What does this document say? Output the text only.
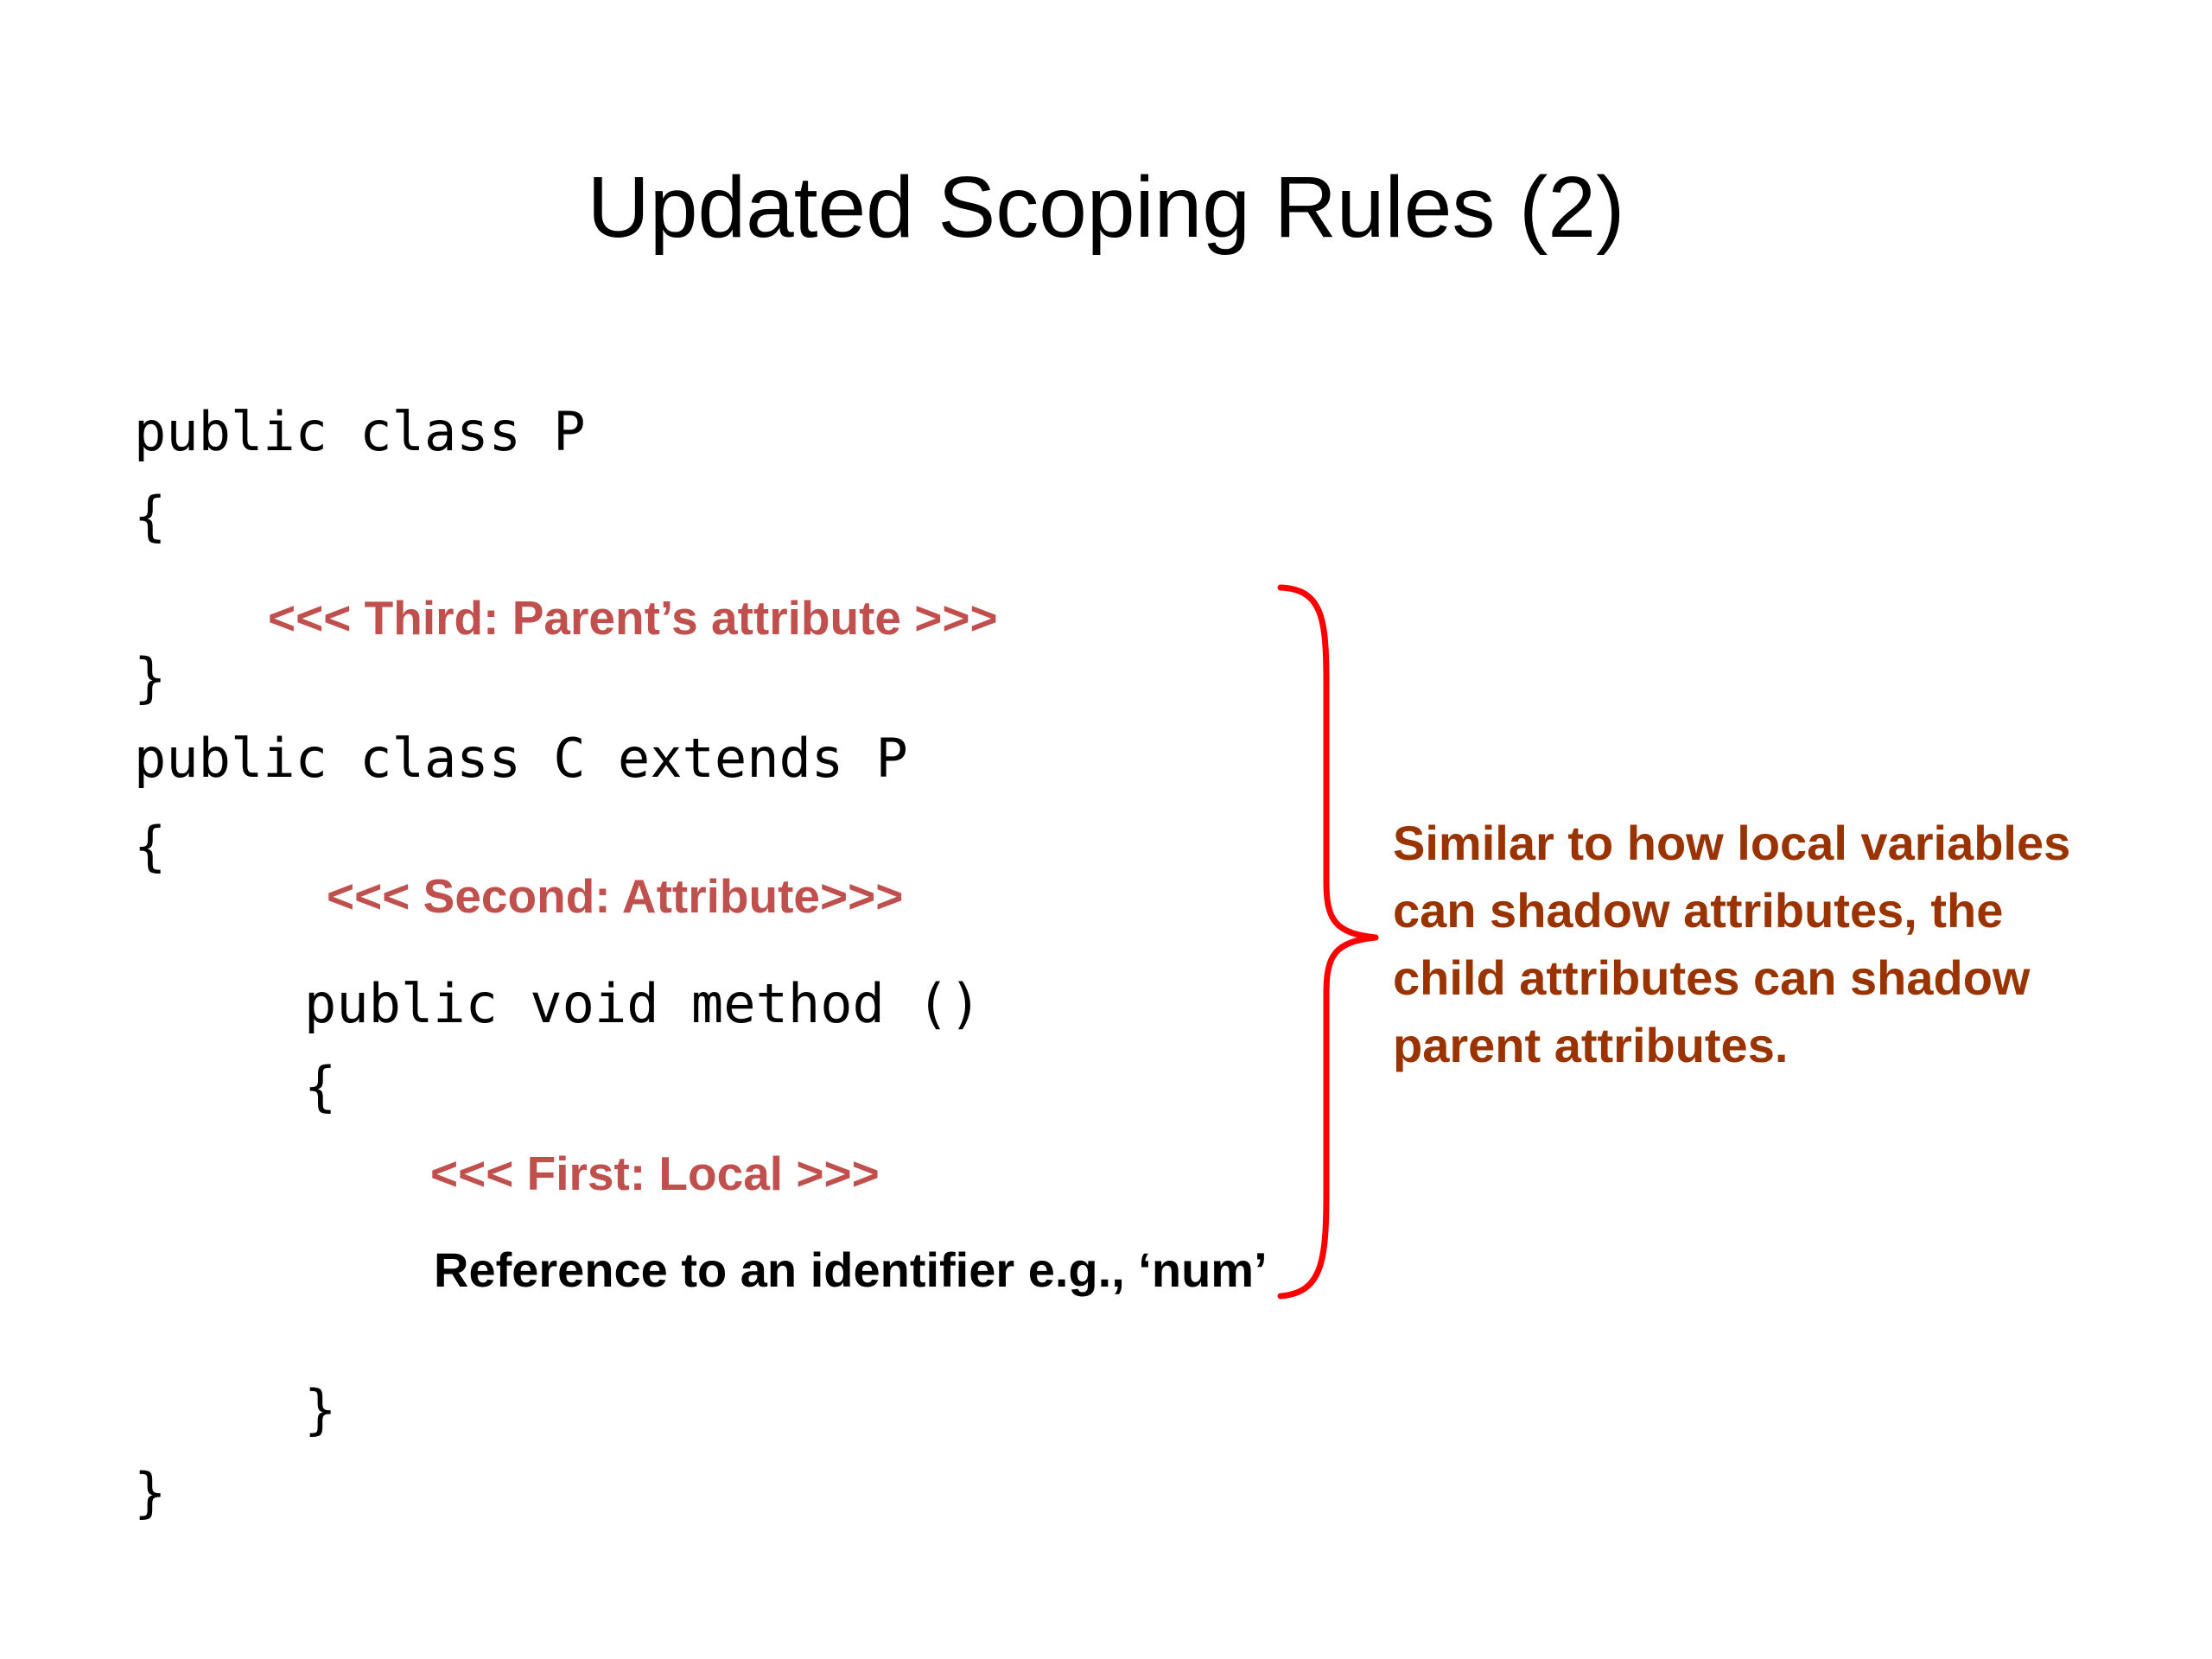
Updated Scoping Rules (2)
public class P
{
<<< Third: Parent’s attribute >>>
}
public class C extends P
{
<<< Second: Attribute>>>
public void method ()
{
<<< First: Local >>>
Reference to an identifier e.g., ‘num’
}
}
Similar to how local variables
can shadow attributes, the
child attributes can shadow
parent attributes.
